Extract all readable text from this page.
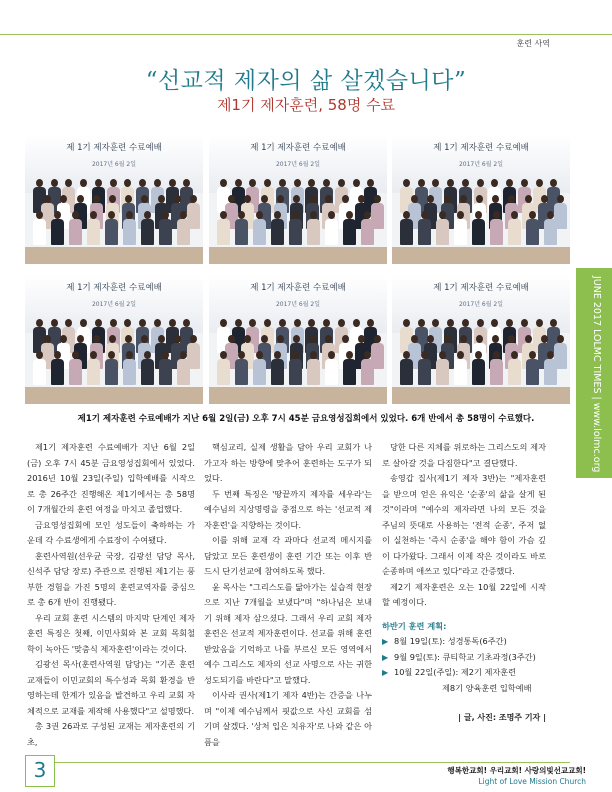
훈련 사역
“선교적 제자의 삶 살겠습니다”
제1기 제자훈련, 58명 수료
JUNE 2017 LOLMC TIMES | www.lolmc.org
제 1기 제자훈련 수료예배
2017년 6월 2일
제 1기 제자훈련 수료예배
2017년 6월 2일
제 1기 제자훈련 수료예배
2017년 6월 2일
제 1기 제자훈련 수료예배
2017년 6월 2일
제 1기 제자훈련 수료예배
2017년 6월 2일
제 1기 제자훈련 수료예배
2017년 6월 2일
제1기 제자훈련 수료예배가 지난 6월 2일(금) 오후 7시 45분 금요영성집회에서 있었다. 6개 반에서 총 58명이 수료했다.

제1기 제자훈련 수료예배가 지난 6월 2일(금) 오후 7시 45분 금요영성집회에서 있었다. 2016년 10월 23일(주일) 입학예배를 시작으로 총 26주간 진행해온 제1기에서는 총 58명이 7개월간의 훈련 여정을 마치고 졸업했다.

금요영성집회에 모인 성도들이 축하하는 가운데 각 수료생에게 수료장이 수여됐다.

훈련사역원(선우균 국장, 김광선 담당 목사, 신석주 담당 장로) 주관으로 진행된 제1기는 풍부한 경험을 가진 5명의 훈련교역자를 중심으로 총 6개 반이 진행됐다.

우리 교회 훈련 시스템의 마지막 단계인 제자훈련 특징은 첫째, 이민사회와 본 교회 목회철학이 녹아든 '맞춤식 제자훈련'이라는 것이다.

김광선 목사(훈련사역원 담당)는 "기존 훈련 교재들이 이민교회의 특수성과 목회 환경을 반영하는데 한계가 있음을 발견하고 우리 교회 자체적으로 교재를 제작해 사용했다"고 설명했다.

총 3권 26과로 구성된 교재는 제자훈련의 기초,

핵심교리, 실제 생활을 담아 우리 교회가 나가고자 하는 방향에 맞추어 훈련하는 도구가 되었다.

두 번째 특징은 '땅끝까지 제자를 세우라'는 예수님의 지상명령을 중점으로 하는 '선교적 제자훈련'을 지향하는 것이다.

이를 위해 교재 각 과마다 선교적 메시지를 담았고 모든 훈련생이 훈련 기간 또는 이후 반드시 단기선교에 참여하도록 했다.

윤 목사는 "그리스도를 닮아가는 실습적 현장으로 지난 7개월을 보냈다"며 "하나님은 보내기 위해 제자 삼으셨다. 그래서 우리 교회 제자훈련은 선교적 제자훈련이다. 선교를 위해 훈련받았음을 기억하고 나를 부르신 모든 영역에서 예수 그리스도 제자의 선교 사명으로 사는 귀한 성도되기를 바란다"고 말했다.

이사라 권사(제1기 제자 4반)는 간증을 나누며 "이제 예수님께서 핏값으로 사신 교회를 섬기며 살겠다. '상처 입은 치유자'로 나와 같은 아픔을

당한 다른 지체를 위로하는 그리스도의 제자로 살아갈 것을 다짐한다"고 결단했다.

송영갑 집사(제1기 제자 3반)는 "제자훈련을 받으며 얻은 유익은 '순종'의 삶을 살게 된 것"이라며 "예수의 제자라면 나의 모든 것을 주님의 뜻대로 사용하는 '전적 순종', 주저 없이 실천하는 '즉시 순종'을 해야 함이 가슴 깊이 다가왔다. 그래서 이제 작은 것이라도 바로 순종하며 애쓰고 있다"라고 간증했다.

제2기 제자훈련은 오는 10월 22일에 시작할 예정이다.

하반기 훈련 계획:
▶ 8월 19일(토): 성경통독(6주간)
▶ 9월 9일(토): 큐티학교 기초과정(3주간)
▶ 10월 22일(주일): 제2기 제자훈련
제8기 양육훈련 입학예배
| 글, 사진: 조명주 기자 |
3	행복한교회! 우리교회! 사랑의빛선교교회!
Light of Love Mission Church
